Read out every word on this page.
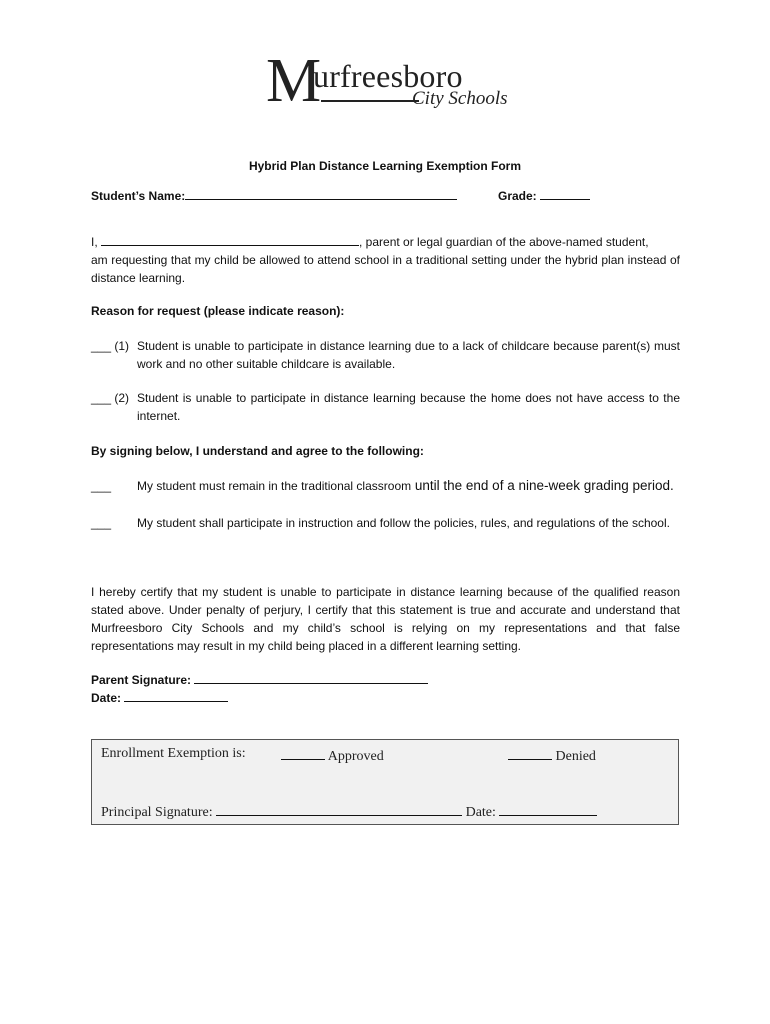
M
urfreesboro
City Schools
Hybrid Plan Distance Learning Exemption Form
Student’s Name:	Grade:
I,	, parent or legal guardian of the above-named student,
am requesting that my child be allowed to attend school in a traditional setting under the hybrid plan instead of distance learning.
Reason for request (please indicate reason):
___ (1) Student is unable to participate in distance learning due to a lack of childcare because parent(s) must work and no other suitable childcare is available.
___ (2) Student is unable to participate in distance learning because the home does not have access to the internet.
By signing below, I understand and agree to the following:
___ My student must remain in the traditional classroom until the end of a nine-week grading period.
___ My student shall participate in instruction and follow the policies, rules, and regulations of the school.
I hereby certify that my student is unable to participate in distance learning because of the qualified reason stated above. Under penalty of perjury, I certify that this statement is true and accurate and understand that Murfreesboro City Schools and my child’s school is relying on my representations and that false representations may result in my child being placed in a different learning setting.
Parent Signature:
Date:
Enrollment Exemption is:	Approved	Denied
Principal Signature:	Date:
